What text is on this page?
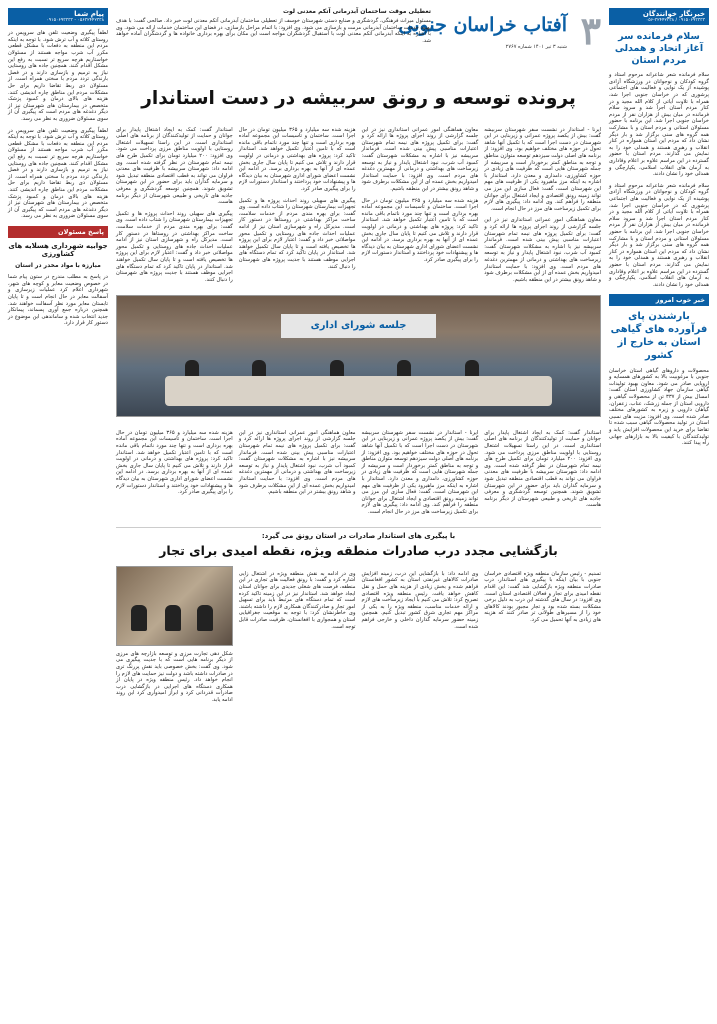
پیام شما
۰۹۱۵۰۶۹۳۳۳۳ - ۰۵۶۳۲۴۴۲۳۳۸

لطفاً پیگیری وضعیت تلفن های سرویس در روستای کلاته و آب ترش شود. با توجه به اینکه مردم این منطقه به دفعات با مشکل قطعی مکرر آب شرب مواجه هستند از مسئولان خواستاریم هرچه سریع تر نسبت به رفع این مشکل اقدام کنند. همچنین جاده های روستایی نیاز به ترمیم و بازسازی دارند و در فصل بارندگی تردد مردم با سختی همراه است. از مسئولان ذی ربط تقاضا داریم برای حل مشکلات مردم این مناطق چاره اندیشی کنند. هزینه های بالای درمان و کمبود پزشک متخصص در بیمارستان های شهرستان نیز از دیگر دغدغه های مردم است که پیگیری آن از سوی مسئولان ضروری به نظر می رسد.

لطفاً پیگیری وضعیت تلفن های سرویس در روستای کلاته و آب ترش شود. با توجه به اینکه مردم این منطقه به دفعات با مشکل قطعی مکرر آب شرب مواجه هستند از مسئولان خواستاریم هرچه سریع تر نسبت به رفع این مشکل اقدام کنند. همچنین جاده های روستایی نیاز به ترمیم و بازسازی دارند و در فصل بارندگی تردد مردم با سختی همراه است. از مسئولان ذی ربط تقاضا داریم برای حل مشکلات مردم این مناطق چاره اندیشی کنند. هزینه های بالای درمان و کمبود پزشک متخصص در بیمارستان های شهرستان نیز از دیگر دغدغه های مردم است که پیگیری آن از سوی مسئولان ضروری به نظر می رسد.

پاسخ مسئولان
جوابیه شهرداری هسلایه های کشاورزی
مبارزه با مواد مخدر در استان

در پاسخ به مطلب مندرج در ستون پیام شما در خصوص وضعیت معابر و کوچه های شهر، شهرداری اعلام کرد عملیات زیرسازی و آسفالت معابر در حال انجام است و تا پایان تابستان معابر مورد نظر آسفالت خواهند شد. همچنین درباره جمع آوری پسماند، پیمانکار جدید انتخاب شده و ساماندهی این موضوع در دستور کار قرار دارد.

خبرنگار خوانندگان
۰۵۶-۳۲۴۴۲۳۳۸ / ۰۹۱۵۰۶۹۳۳۳۳
سلام فرمانده سر آغاز اتحاد و همدلی مردم استان

سلام فرمانده شعر شاعرانه مرحوم استاد و گروه کودکان و نوجوانان در ورزشگاه آزادی پوشیده از یک نوایی و فعالیت های اجتماعی پرشوری که در خراسان جنوبی اجرا شد، همراه با تلاوت آیاتی از کلام الله مجید و در کنار مردم استان اجرا شد و سرود سلام فرمانده در میان بیش از هزاران نفر از مردم خراسان جنوبی اجرا شد. این برنامه با حضور مسئولان استانی و مردم استان و با مشارکت همه گروه های سنی برگزار شد و بار دیگر نشان داد که مردم این استان همواره در کنار انقلاب و رهبری هستند و همدلی خود را به نمایش می گذارند. مردم استان با حضور گسترده در این مراسم علاوه بر اعلام وفاداری به آرمان های انقلاب اسلامی، یکپارچگی و همدلی خود را نشان دادند.

سلام فرمانده شعر شاعرانه مرحوم استاد و گروه کودکان و نوجوانان در ورزشگاه آزادی پوشیده از یک نوایی و فعالیت های اجتماعی پرشوری که در خراسان جنوبی اجرا شد، همراه با تلاوت آیاتی از کلام الله مجید و در کنار مردم استان اجرا شد و سرود سلام فرمانده در میان بیش از هزاران نفر از مردم خراسان جنوبی اجرا شد. این برنامه با حضور مسئولان استانی و مردم استان و با مشارکت همه گروه های سنی برگزار شد و بار دیگر نشان داد که مردم این استان همواره در کنار انقلاب و رهبری هستند و همدلی خود را به نمایش می گذارند. مردم استان با حضور گسترده در این مراسم علاوه بر اعلام وفاداری به آرمان های انقلاب اسلامی، یکپارچگی و همدلی خود را نشان دادند.

خبر خوب امروز
بارشندن پای فرآورده های گیاهی استان به خارج از کشور

محصولات و داروهای گیاهی استان خراسان جنوبی با مرغوبیت بالا به کشورهای همسایه و اروپایی صادر می شود. معاون بهبود تولیدات گیاهی سازمان جهاد کشاورزی استان گفت: امسال بیش از ۳۳۷ تن از محصولات گیاهی و دارویی استان از جمله زرشک، عناب، زعفران، گیاهان دارویی و زیره به کشورهای مختلف صادر شده است. وی افزود: مزیت های نسبی استان در تولید محصولات گیاهی سبب شده تا تقاضا برای خرید این محصولات افزایش یابد و تولیدکنندگان با کیفیت بالا به بازارهای جهانی راه پیدا کنند.

۳
آفتاب خراسان جنوبی
شنبه ۳ تیر ۱۴۰۱ شماره ۲۷۶۷
تعطیلی موقت ساختمان آبدرمانی آتکم معدنی لوت
مسئول میراث فرهنگی، گردشگری و صنایع دستی شهرستان خوسف از تعطیلی ساختمان آبدرمانی آتکم معدنی لوت خبر داد. صالحی گفت: با هدف بهبود خدمات ساختمان آبدرمانی مرمت و بازسازی می شود. وی افزود: با اتمام مراحل بازسازی، در فضای این ساختمان خدمات ارائه می شود. وی با اشاره به اینکه آبدرمانی آتکم معدنی لوت با استقبال گردشگران مواجه است این مکان برای بهره برداری خانواده ها و گردشگران آماده خواهد شد.
پرونده توسعه و رونق سربیشه در دست استاندار

ایرنا - استاندار در نشست سفر شهرستان سربیشه گفت: بیش از یکصد پروژه عمرانی و زیربنایی در این شهرستان در دست اجرا است که با تکمیل آنها شاهد تحول در حوزه های مختلف خواهیم بود. وی افزود: از برنامه های اصلی دولت سیزدهم توسعه متوازن مناطق و توجه به مناطق کمتر برخوردار است و سربیشه از جمله شهرستان هایی است که ظرفیت های زیادی در حوزه کشاورزی، دامداری و معدن دارد. استاندار با اشاره به اینکه مرز ماهیرود یکی از ظرفیت های مهم این شهرستان است، گفت: فعال سازی این مرز می تواند زمینه رونق اقتصادی و ایجاد اشتغال برای جوانان منطقه را فراهم کند. وی ادامه داد: پیگیری های لازم برای تکمیل زیرساخت های مرز در حال انجام است.

معاون هماهنگی امور عمرانی استانداری نیز در این جلسه گزارشی از روند اجرای پروژه ها ارائه کرد و گفت: برای تکمیل پروژه های نیمه تمام شهرستان اعتبارات مناسبی پیش بینی شده است. فرماندار سربیشه نیز با اشاره به مشکلات شهرستان گفت: کمبود آب شرب، نبود اشتغال پایدار و نیاز به توسعه زیرساخت های بهداشتی و درمانی از مهمترین دغدغه های مردم است. وی افزود: با حمایت استاندار امیدواریم بخش عمده ای از این مشکلات برطرف شود و شاهد رونق بیشتر در این منطقه باشیم.

معاون هماهنگی امور عمرانی استانداری نیز در این جلسه گزارشی از روند اجرای پروژه ها ارائه کرد و گفت: برای تکمیل پروژه های نیمه تمام شهرستان اعتبارات مناسبی پیش بینی شده است. فرماندار سربیشه نیز با اشاره به مشکلات شهرستان گفت: کمبود آب شرب، نبود اشتغال پایدار و نیاز به توسعه زیرساخت های بهداشتی و درمانی از مهمترین دغدغه های مردم است. وی افزود: با حمایت استاندار امیدواریم بخش عمده ای از این مشکلات برطرف شود و شاهد رونق بیشتر در این منطقه باشیم.

هزینه شده سه میلیارد و ۳۶۵ میلیون تومان در حال اجرا است. ساختمان و تاسیسات این مجموعه آماده بهره برداری است و تنها چند مورد ناتمام باقی مانده است که با تامین اعتبار تکمیل خواهد شد. استاندار تاکید کرد: پروژه های بهداشتی و درمانی در اولویت قرار دارند و تلاش می کنیم تا پایان سال جاری بخش عمده ای از آنها به بهره برداری برسد. در ادامه این نشست اعضای شورای اداری شهرستان به بیان دیدگاه ها و پیشنهادات خود پرداختند و استاندار دستورات لازم را برای پیگیری صادر کرد.

هزینه شده سه میلیارد و ۳۶۵ میلیون تومان در حال اجرا است. ساختمان و تاسیسات این مجموعه آماده بهره برداری است و تنها چند مورد ناتمام باقی مانده است که با تامین اعتبار تکمیل خواهد شد. استاندار تاکید کرد: پروژه های بهداشتی و درمانی در اولویت قرار دارند و تلاش می کنیم تا پایان سال جاری بخش عمده ای از آنها به بهره برداری برسد. در ادامه این نشست اعضای شورای اداری شهرستان به بیان دیدگاه ها و پیشنهادات خود پرداختند و استاندار دستورات لازم را برای پیگیری صادر کرد.

پیگیری های سهیلی روند احداث پروژه ها و تکمیل تجهیزات بیمارستان شهرستان را شتاب داده است. وی گفت: برای بهره مندی مردم از خدمات سلامت، ساخت مراکز بهداشتی در روستاها در دستور کار است. مدیرکل راه و شهرسازی استان نیز از ادامه عملیات احداث جاده های روستایی و تکمیل محور مواصلاتی خبر داد و گفت: اعتبار لازم برای این پروژه ها تخصیص یافته است و تا پایان سال تکمیل خواهند شد. استاندار در پایان تاکید کرد که تمام دستگاه های اجرایی موظف هستند با جدیت پروژه های شهرستان را دنبال کنند.

استاندار گفت: کمک به ایجاد اشتغال پایدار برای جوانان و حمایت از تولیدکنندگان از برنامه های اصلی استانداری است. در این راستا تسهیلات اشتغال روستایی با اولویت مناطق مرزی پرداخت می شود. وی افزود: ۲۰۰ میلیارد تومان برای تکمیل طرح های نیمه تمام شهرستان در نظر گرفته شده است. وی ادامه داد: شهرستان سربیشه با ظرفیت های معدنی فراوان می تواند به قطب اقتصادی منطقه تبدیل شود و سرمایه گذاران باید برای حضور در این شهرستان تشویق شوند. همچنین توسعه گردشگری و معرفی جاذبه های تاریخی و طبیعی شهرستان از دیگر برنامه هاست.

پیگیری های سهیلی روند احداث پروژه ها و تکمیل تجهیزات بیمارستان شهرستان را شتاب داده است. وی گفت: برای بهره مندی مردم از خدمات سلامت، ساخت مراکز بهداشتی در روستاها در دستور کار است. مدیرکل راه و شهرسازی استان نیز از ادامه عملیات احداث جاده های روستایی و تکمیل محور مواصلاتی خبر داد و گفت: اعتبار لازم برای این پروژه ها تخصیص یافته است و تا پایان سال تکمیل خواهند شد. استاندار در پایان تاکید کرد که تمام دستگاه های اجرایی موظف هستند با جدیت پروژه های شهرستان را دنبال کنند.

جلسه شورای اداری

استاندار گفت: کمک به ایجاد اشتغال پایدار برای جوانان و حمایت از تولیدکنندگان از برنامه های اصلی استانداری است. در این راستا تسهیلات اشتغال روستایی با اولویت مناطق مرزی پرداخت می شود. وی افزود: ۲۰۰ میلیارد تومان برای تکمیل طرح های نیمه تمام شهرستان در نظر گرفته شده است. وی ادامه داد: شهرستان سربیشه با ظرفیت های معدنی فراوان می تواند به قطب اقتصادی منطقه تبدیل شود و سرمایه گذاران باید برای حضور در این شهرستان تشویق شوند. همچنین توسعه گردشگری و معرفی جاذبه های تاریخی و طبیعی شهرستان از دیگر برنامه هاست.

ایرنا - استاندار در نشست سفر شهرستان سربیشه گفت: بیش از یکصد پروژه عمرانی و زیربنایی در این شهرستان در دست اجرا است که با تکمیل آنها شاهد تحول در حوزه های مختلف خواهیم بود. وی افزود: از برنامه های اصلی دولت سیزدهم توسعه متوازن مناطق و توجه به مناطق کمتر برخوردار است و سربیشه از جمله شهرستان هایی است که ظرفیت های زیادی در حوزه کشاورزی، دامداری و معدن دارد. استاندار با اشاره به اینکه مرز ماهیرود یکی از ظرفیت های مهم این شهرستان است، گفت: فعال سازی این مرز می تواند زمینه رونق اقتصادی و ایجاد اشتغال برای جوانان منطقه را فراهم کند. وی ادامه داد: پیگیری های لازم برای تکمیل زیرساخت های مرز در حال انجام است.

معاون هماهنگی امور عمرانی استانداری نیز در این جلسه گزارشی از روند اجرای پروژه ها ارائه کرد و گفت: برای تکمیل پروژه های نیمه تمام شهرستان اعتبارات مناسبی پیش بینی شده است. فرماندار سربیشه نیز با اشاره به مشکلات شهرستان گفت: کمبود آب شرب، نبود اشتغال پایدار و نیاز به توسعه زیرساخت های بهداشتی و درمانی از مهمترین دغدغه های مردم است. وی افزود: با حمایت استاندار امیدواریم بخش عمده ای از این مشکلات برطرف شود و شاهد رونق بیشتر در این منطقه باشیم.

هزینه شده سه میلیارد و ۳۶۵ میلیون تومان در حال اجرا است. ساختمان و تاسیسات این مجموعه آماده بهره برداری است و تنها چند مورد ناتمام باقی مانده است که با تامین اعتبار تکمیل خواهد شد. استاندار تاکید کرد: پروژه های بهداشتی و درمانی در اولویت قرار دارند و تلاش می کنیم تا پایان سال جاری بخش عمده ای از آنها به بهره برداری برسد. در ادامه این نشست اعضای شورای اداری شهرستان به بیان دیدگاه ها و پیشنهادات خود پرداختند و استاندار دستورات لازم را برای پیگیری صادر کرد.

با پیگیری های استاندار صادرات در استان رونق می گیرد:
بازگشایی مجدد درب صادرات منطقه ویژه، نقطه امیدی برای تجار

تسنیم - رئیس سازمان منطقه ویژه اقتصادی خراسان جنوبی با بیان اینکه با پیگیری های استاندار، درب صادرات منطقه ویژه بازگشایی شد گفت: این اقدام نقطه امیدی برای تجار و فعالان اقتصادی استان است. وی افزود: در سال های گذشته این درب به دلیل برخی مشکلات بسته شده بود و تجار مجبور بودند کالاهای خود را از مسیرهای طولانی تر صادر کنند که هزینه های زیادی به آنها تحمیل می کرد.

وی ادامه داد: با بازگشایی این درب، زمینه افزایش صادرات کالاهای غیرنفتی استان به کشور افغانستان فراهم شده و بخش زیادی از هزینه های حمل و نقل کاهش خواهد یافت. رئیس منطقه ویژه اقتصادی تصریح کرد: تلاش می کنیم با ایجاد زیرساخت های لازم و ارائه خدمات مناسب، منطقه ویژه را به یکی از مراکز مهم تجاری شرق کشور تبدیل کنیم. همچنین زمینه حضور سرمایه گذاران داخلی و خارجی فراهم شده است.

وی در ادامه به نقش منطقه ویژه در اشتغال زایی اشاره کرد و گفت: با رونق فعالیت های تجاری در این منطقه، فرصت های شغلی جدیدی برای جوانان استان ایجاد خواهد شد. استاندار نیز در این زمینه تاکید کرده است که تمام دستگاه های مرتبط باید برای تسهیل امور تجار و صادرکنندگان همکاری لازم را داشته باشند. وی خاطرنشان کرد: با توجه به موقعیت جغرافیایی استان و همجواری با افغانستان، ظرفیت صادرات قابل توجه است.

شکل دهی تجارت مرزی و توسعه بازارچه های مرزی از دیگر برنامه هایی است که با جدیت پیگیری می شود. وی گفت: بخش خصوصی باید نقش پررنگ تری در صادرات داشته باشد و دولت نیز حمایت های لازم را انجام خواهد داد. رئیس منطقه ویژه در پایان از همکاری دستگاه های اجرایی در بازگشایی درب صادرات قدردانی کرد و ابراز امیدواری کرد این روند ادامه یابد.
